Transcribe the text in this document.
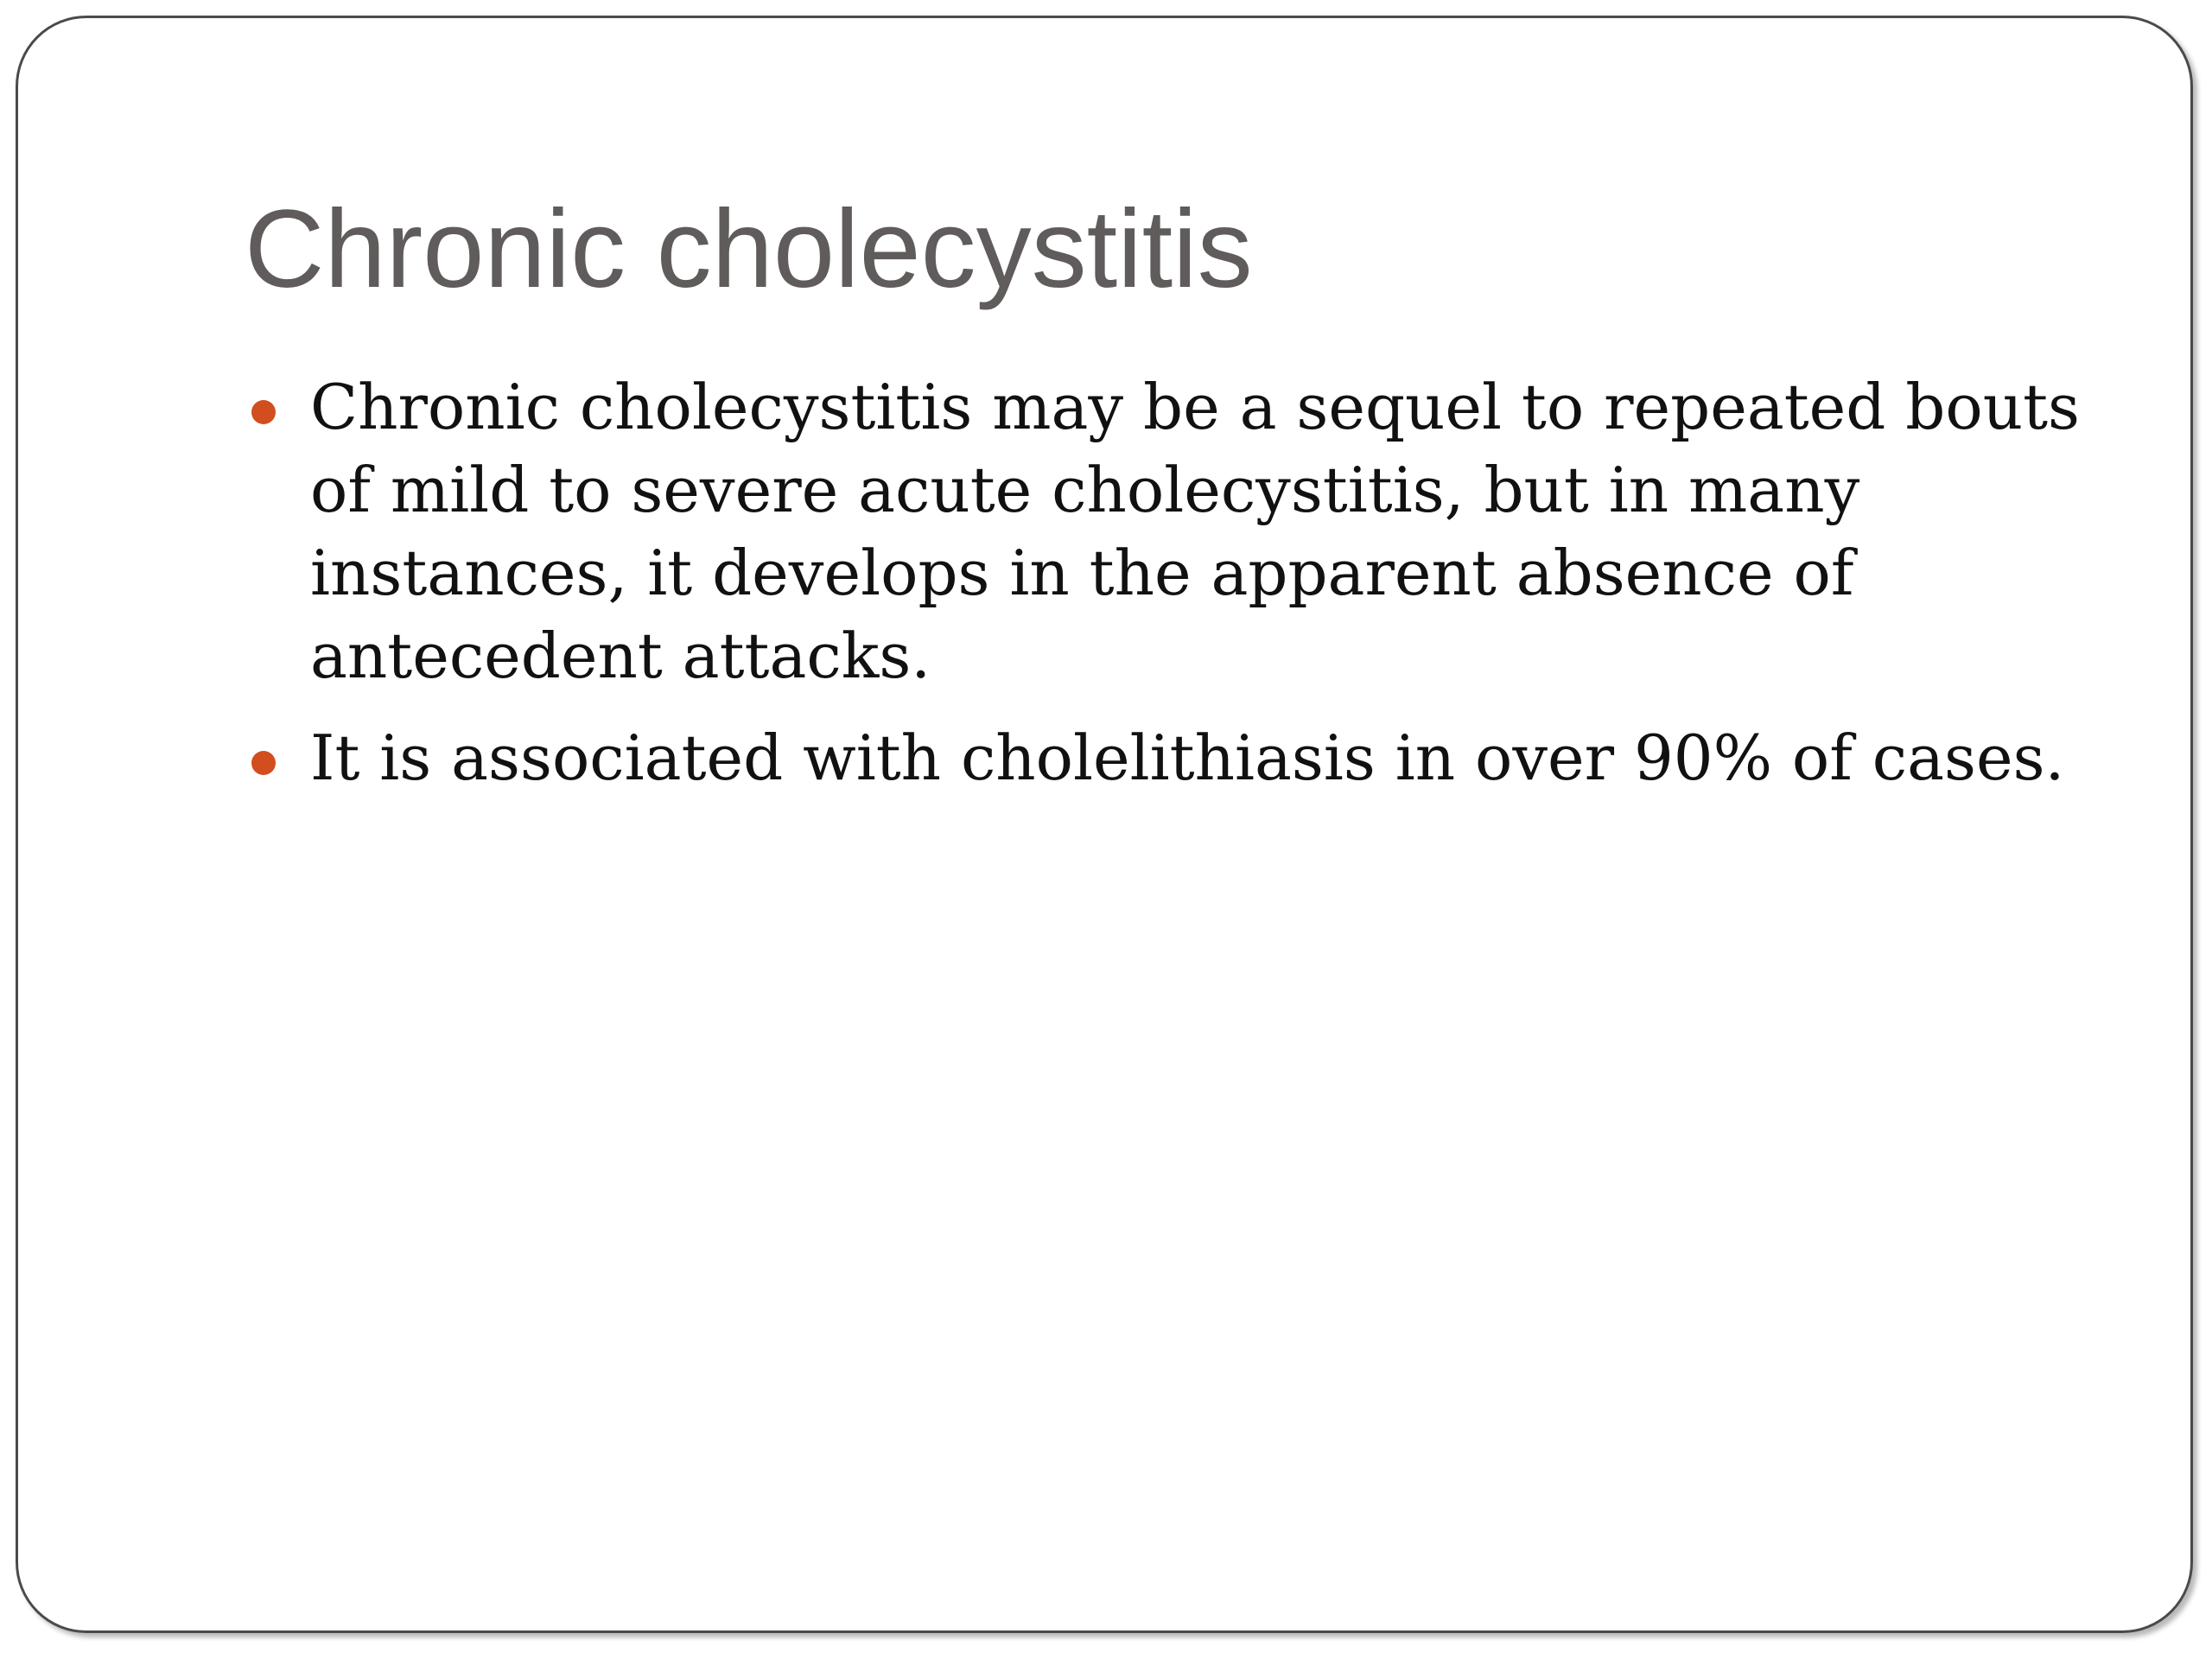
Chronic cholecystitis
Chronic cholecystitis may be a sequel to repeated bouts of mild to severe acute cholecystitis, but in many instances, it develops in the apparent absence of antecedent attacks.
It is associated with cholelithiasis in over 90% of cases.
